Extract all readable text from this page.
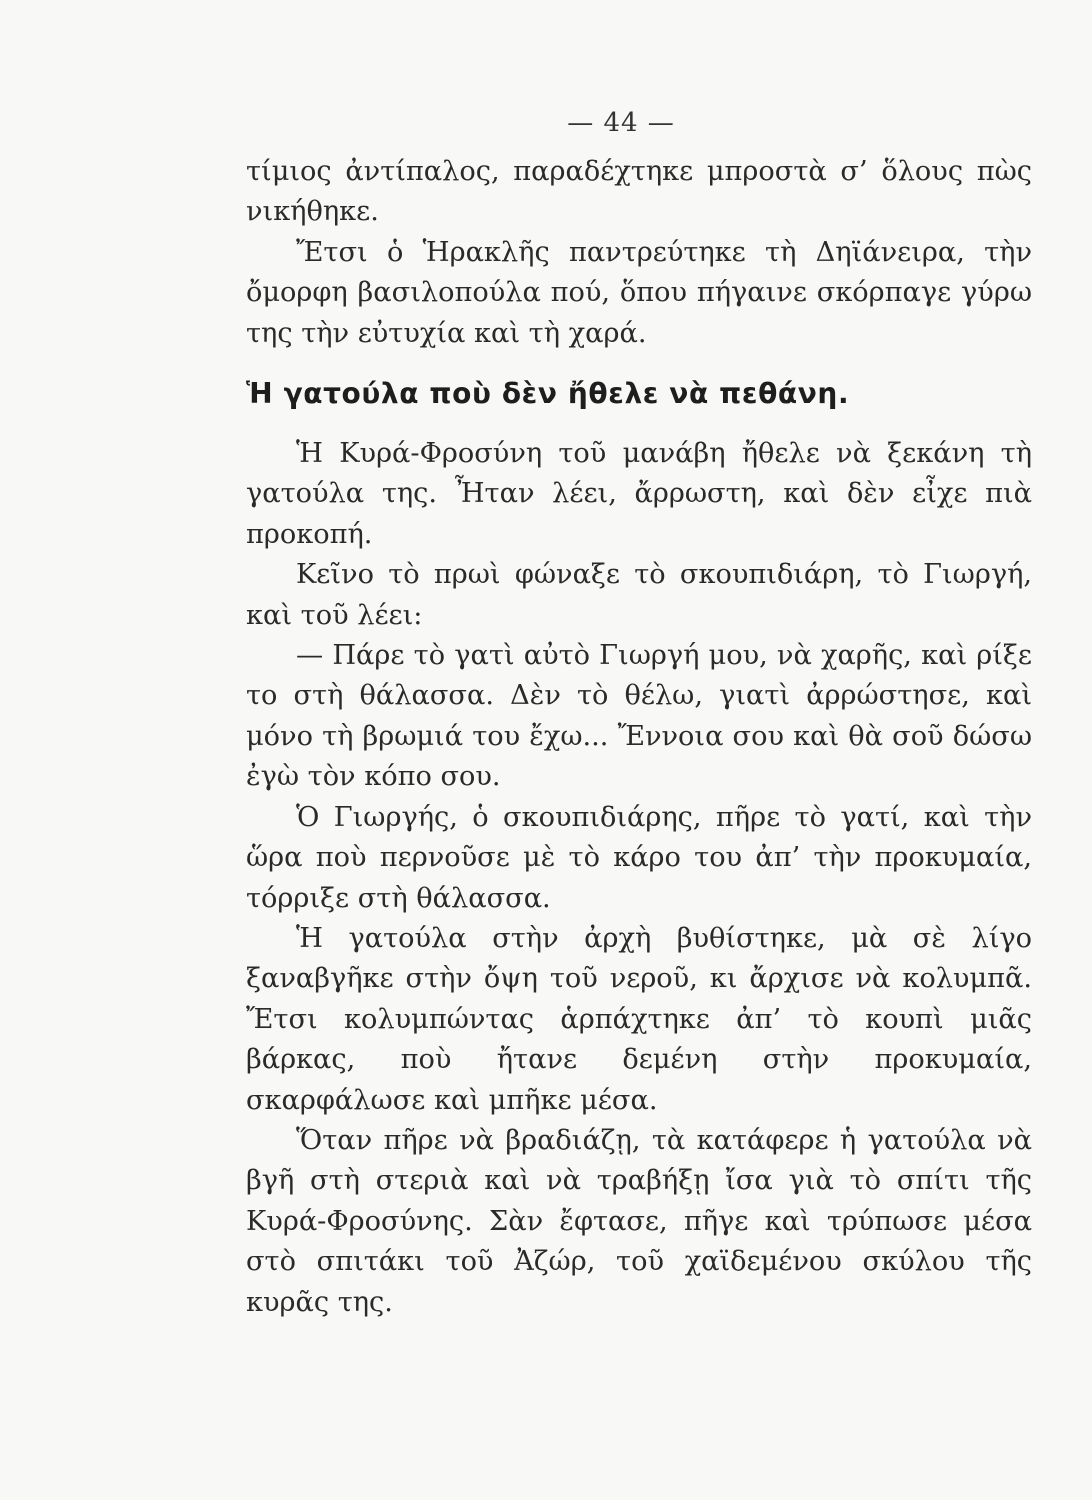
— 44 —

τίμιος ἀντίπαλος, παραδέχτηκε μπροστὰ σ’ ὅλους πὼς νικήθηκε.

Ἔτσι ὁ Ἡρακλῆς παντρεύτηκε τὴ Δηϊάνειρα, τὴν ὄμορφη βασιλοπούλα πού, ὅπου πήγαινε σκόρπαγε γύρω της τὴν εὐτυχία καὶ τὴ χαρά.

Ἡ γατούλα ποὺ δὲν ἤθελε νὰ πεθάνη.

Ἡ Κυρά-Φροσύνη τοῦ μανάβη ἤθελε νὰ ξεκάνη τὴ γατούλα της. Ἦταν λέει, ἄρρωστη, καὶ δὲν εἶχε πιὰ προκοπή.

Κεῖνο τὸ πρωὶ φώναξε τὸ σκουπιδιάρη, τὸ Γιωργή, καὶ τοῦ λέει:

— Πάρε τὸ γατὶ αὐτὸ Γιωργή μου, νὰ χαρῆς, καὶ ρίξε το στὴ θάλασσα. Δὲν τὸ θέλω, γιατὶ ἀρρώστησε, καὶ μόνο τὴ βρωμιά του ἔχω... Ἔννοια σου καὶ θὰ σοῦ δώσω ἐγὼ τὸν κόπο σου.

Ὁ Γιωργής, ὁ σκουπιδιάρης, πῆρε τὸ γατί, καὶ τὴν ὥρα ποὺ περνοῦσε μὲ τὸ κάρο του ἀπ’ τὴν προκυμαία, τόρριξε στὴ θάλασσα.

Ἡ γατούλα στὴν ἀρχὴ βυθίστηκε, μὰ σὲ λίγο ξαναβγῆκε στὴν ὄψη τοῦ νεροῦ, κι ἄρχισε νὰ κολυμπᾶ. Ἔτσι κολυμπώντας ἁρπάχτηκε ἀπ’ τὸ κουπὶ μιᾶς βάρκας, ποὺ ἤτανε δεμένη στὴν προκυμαία, σκαρφάλωσε καὶ μπῆκε μέσα.

Ὅταν πῆρε νὰ βραδιάζῃ, τὰ κατάφερε ἡ γατούλα νὰ βγῆ στὴ στεριὰ καὶ νὰ τραβήξῃ ἴσα γιὰ τὸ σπίτι τῆς Κυρά-Φροσύνης. Σὰν ἔφτασε, πῆγε καὶ τρύπωσε μέσα στὸ σπιτάκι τοῦ Ἀζώρ, τοῦ χαϊδεμένου σκύλου τῆς κυρᾶς της.
